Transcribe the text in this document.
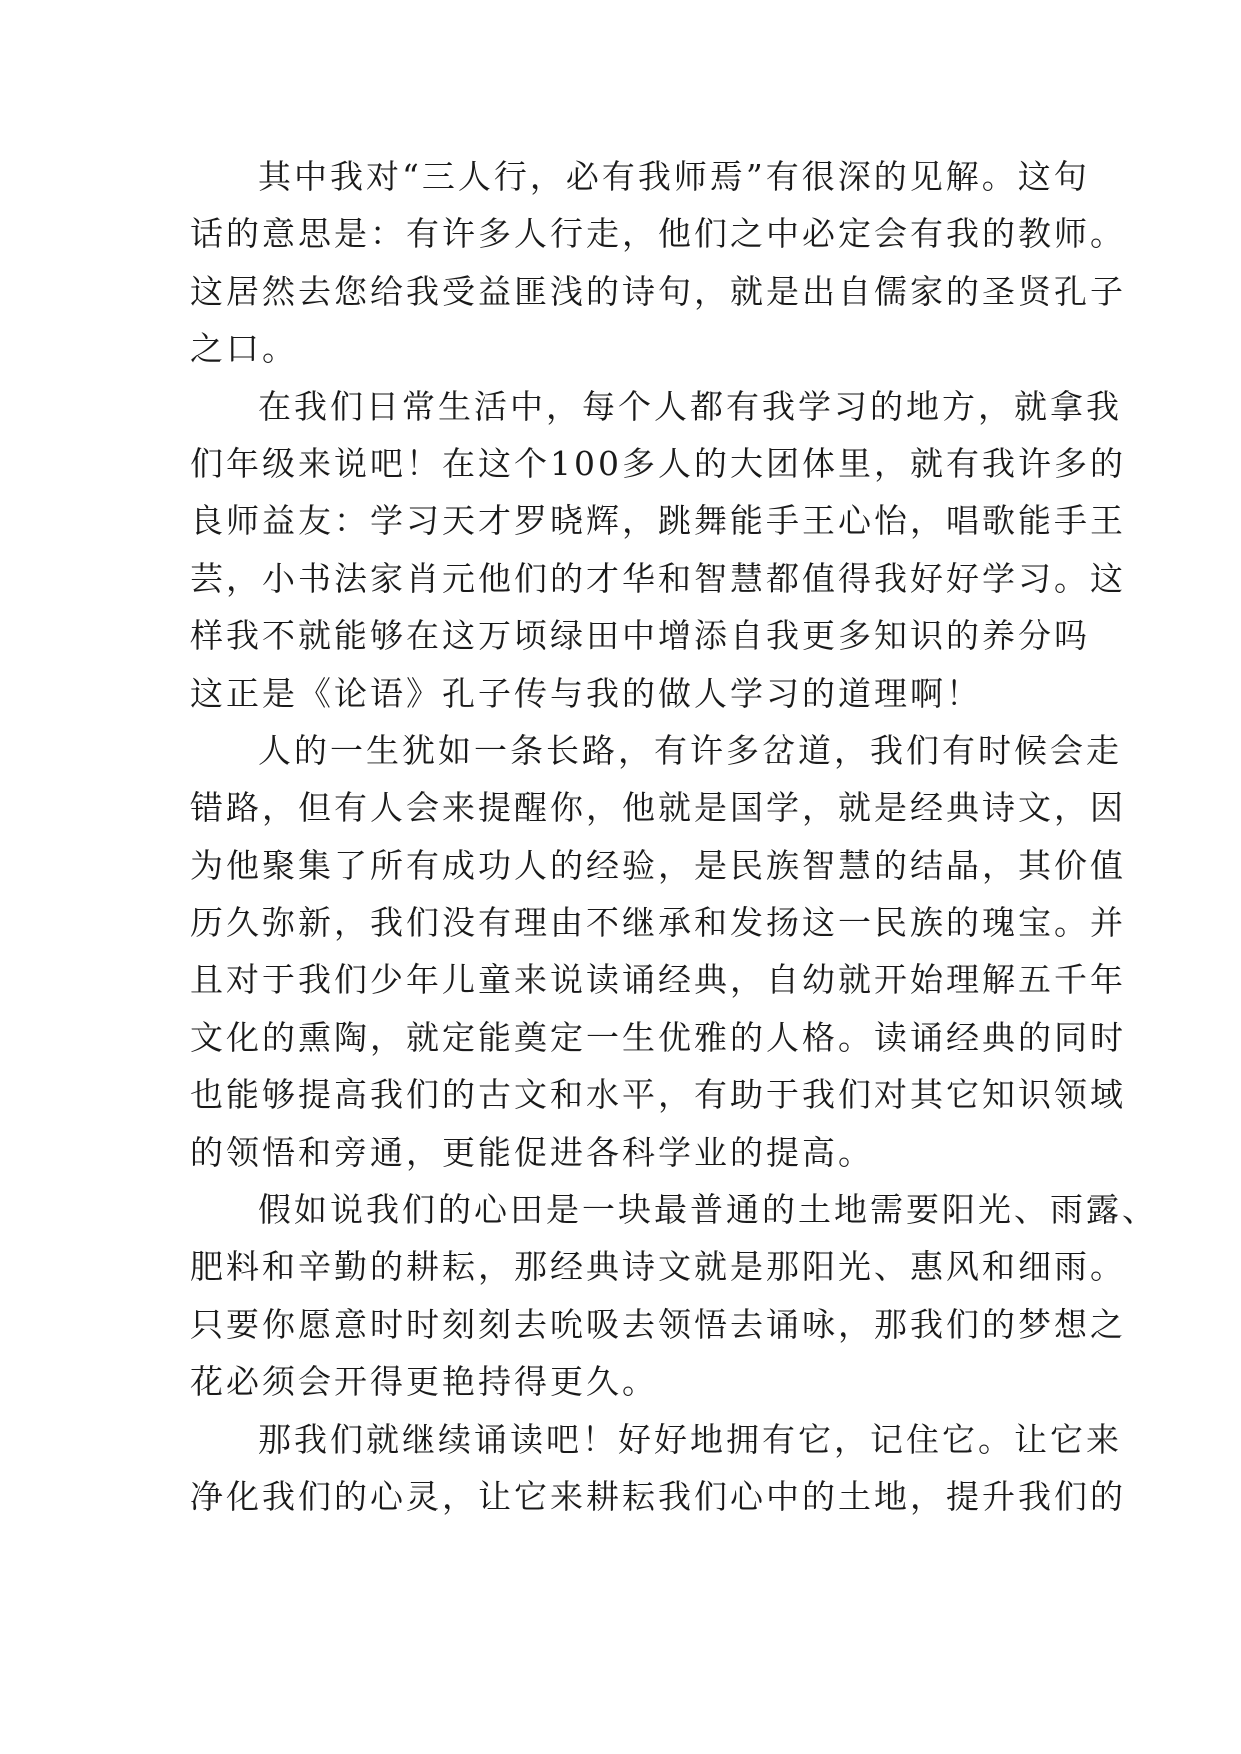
其中我对“三人行，必有我师焉”有很深的见解。这句
话的意思是：有许多人行走，他们之中必定会有我的教师。
这居然去您给我受益匪浅的诗句，就是出自儒家的圣贤孔子
之口。
在我们日常生活中，每个人都有我学习的地方，就拿我
们年级来说吧！在这个100多人的大团体里，就有我许多的
良师益友：学习天才罗晓辉，跳舞能手王心怡，唱歌能手王
芸，小书法家肖元他们的才华和智慧都值得我好好学习。这
样我不就能够在这万顷绿田中增添自我更多知识的养分吗
这正是《论语》孔子传与我的做人学习的道理啊！
人的一生犹如一条长路，有许多岔道，我们有时候会走
错路，但有人会来提醒你，他就是国学，就是经典诗文，因
为他聚集了所有成功人的经验，是民族智慧的结晶，其价值
历久弥新，我们没有理由不继承和发扬这一民族的瑰宝。并
且对于我们少年儿童来说读诵经典，自幼就开始理解五千年
文化的熏陶，就定能奠定一生优雅的人格。读诵经典的同时
也能够提高我们的古文和水平，有助于我们对其它知识领域
的领悟和旁通，更能促进各科学业的提高。
假如说我们的心田是一块最普通的土地需要阳光、雨露、
肥料和辛勤的耕耘，那经典诗文就是那阳光、惠风和细雨。
只要你愿意时时刻刻去吮吸去领悟去诵咏，那我们的梦想之
花必须会开得更艳持得更久。
那我们就继续诵读吧！好好地拥有它，记住它。让它来
净化我们的心灵，让它来耕耘我们心中的土地，提升我们的
